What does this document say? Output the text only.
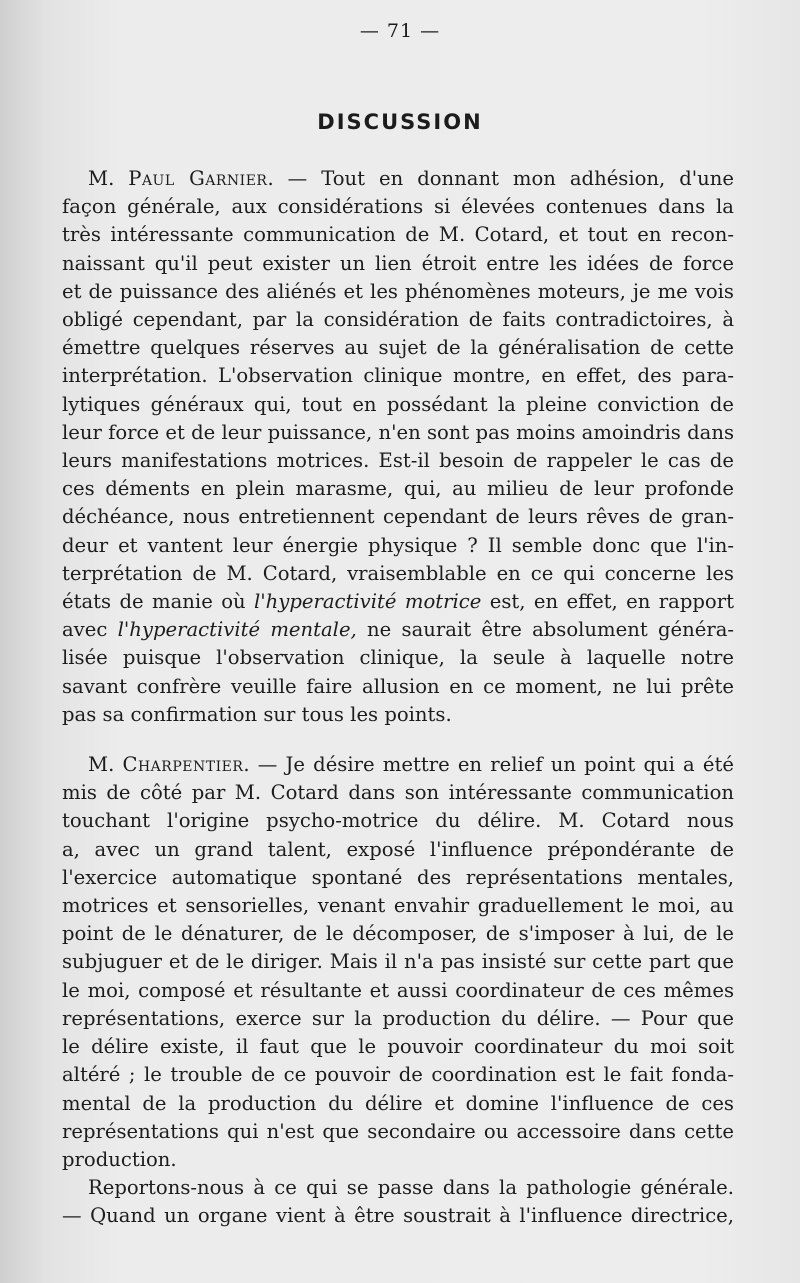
— 71 —
DISCUSSION
M. Paul Garnier. — Tout en donnant mon adhésion, d'une
façon générale, aux considérations si élevées contenues dans la
très intéressante communication de M. Cotard, et tout en recon-
naissant qu'il peut exister un lien étroit entre les idées de force
et de puissance des aliénés et les phénomènes moteurs, je me vois
obligé cependant, par la considération de faits contradictoires, à
émettre quelques réserves au sujet de la généralisation de cette
interprétation. L'observation clinique montre, en effet, des para-
lytiques généraux qui, tout en possédant la pleine conviction de
leur force et de leur puissance, n'en sont pas moins amoindris dans
leurs manifestations motrices. Est-il besoin de rappeler le cas de
ces déments en plein marasme, qui, au milieu de leur profonde
déchéance, nous entretiennent cependant de leurs rêves de gran-
deur et vantent leur énergie physique ? Il semble donc que l'in-
terprétation de M. Cotard, vraisemblable en ce qui concerne les
états de manie où l'hyperactivité motrice est, en effet, en rapport
avec l'hyperactivité mentale, ne saurait être absolument généra-
lisée puisque l'observation clinique, la seule à laquelle notre
savant confrère veuille faire allusion en ce moment, ne lui prête
pas sa confirmation sur tous les points.
M. Charpentier. — Je désire mettre en relief un point qui a été
mis de côté par M. Cotard dans son intéressante communication
touchant l'origine psycho-motrice du délire. M. Cotard nous
a, avec un grand talent, exposé l'influence prépondérante de
l'exercice automatique spontané des représentations mentales,
motrices et sensorielles, venant envahir graduellement le moi, au
point de le dénaturer, de le décomposer, de s'imposer à lui, de le
subjuguer et de le diriger. Mais il n'a pas insisté sur cette part que
le moi, composé et résultante et aussi coordinateur de ces mêmes
représentations, exerce sur la production du délire. — Pour que
le délire existe, il faut que le pouvoir coordinateur du moi soit
altéré ; le trouble de ce pouvoir de coordination est le fait fonda-
mental de la production du délire et domine l'influence de ces
représentations qui n'est que secondaire ou accessoire dans cette
production.
Reportons-nous à ce qui se passe dans la pathologie générale.
— Quand un organe vient à être soustrait à l'influence directrice,
